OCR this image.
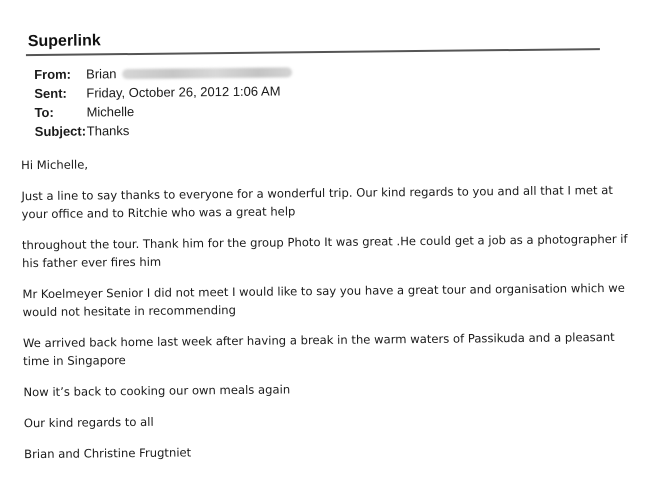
Superlink
From:	Brian
Sent:	Friday, October 26, 2012 1:06 AM
To:	Michelle
Subject: Thanks

Hi Michelle,

Just a line to say thanks to everyone for a wonderful trip. Our kind regards to you and all that I met at your office and to Ritchie who was a great help

throughout the tour. Thank him for the group Photo It was great .He could get a job as a photographer if his father ever fires him

Mr Koelmeyer Senior I did not meet I would like to say you have a great tour and organisation which we would not hesitate in recommending

We arrived back home last week after having a break in the warm waters of Passikuda and a pleasant time in Singapore

Now it’s back to cooking our own meals again

Our kind regards to all

Brian and Christine Frugtniet
